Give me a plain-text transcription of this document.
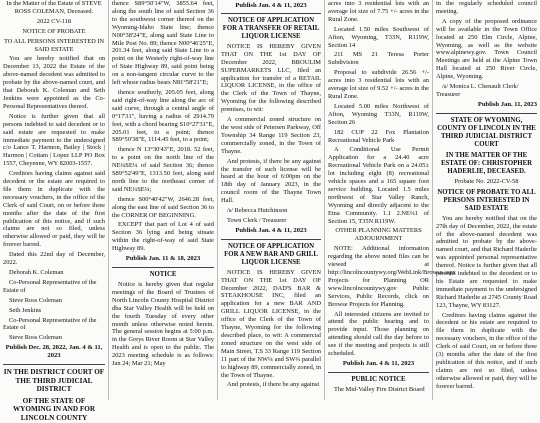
In the Matter of the Estate of STEVE ROSS COLEMAN, Deceased.

2022 CV-118

NOTICE OF PROBATE

TO ALL PERSONS INTERESTED IN SAID ESTATE

You are hereby notified that on December 13, 2022 the Estate of the above-named decedent was admitted to probate by the above-named court, and that Deborah K. Coleman and Seth Jenkins were appointed as the Co-Personal Representatives thereof.

Notice is further given that all persons indebted to said decedent or to said estate are requested to make immediate payment to the undersigned c/o Lance T. Harmon, Bailey | Stock | Harmon | Cottam | Lopez LLP PO Box 1557, Cheyenne, WY 82003-1557.

Creditors having claims against said decedent or the estate are required to file them in duplicate with the necessary vouchers, in the office of the Clerk of said Court, on or before three months after the date of the first publication of this notice, and if such claims are not so filed, unless otherwise allowed or paid, they will be forever barred.

Dated this 22nd day of December, 2022.

Deborah K. Coleman

Co-Personal Representative of the Estate of

Steve Ross Coleman

Seth Jenkins

Co-Personal Representative of the Estate of

Steve Ross Coleman

Publish Dec. 28, 2022, Jan. 4 & 11, 2023
IN THE DISTRICT COURT OF THE THIRD JUDICIAL DISTRICT
OF THE STATE OF WYOMING IN AND FOR LINCOLN COUNTY

thence S89°50'14"W, 3855.64 feet, along the south line of said Section 36 to the southwest corner thereof on the Wyoming-Idaho State line; thence N00°38'24"E, along said State Line to Mile Post No. 89; thence N00°46'25"E, 201.34 feet, along said State Line to a point on the Westerly right-of-way line of State Highway 89, said point being on a non-tangent circular curve to the left whose radius bears N81°58'21"E;

thence southerly, 205.05 feet, along said right-of-way line along the arc of said curve, through a central angle of 0°17'31", having a radius of 2914.79 feet, with a chord bearing S10°27'31"E, 205.01 feet, to a point; thence S89°50'38"E, 1114.45 feet, to a point;

thence N 13°30'43"E, 2018. 52 feet, to a point on the north line of the NE¼SE¼ of said Section 36; thence S89°52'49"E, 1313.50 feet, along said north line to the northeast corner of said NE¼SE¼;

thence S00°40'42"W, 2646.28 feet, along the east line of said Section 36 to the CORNER OF BEGINNING.

EXCEPT that part of Lot 4 of said Section 36 lying and being situate within the right-of-way of said State Highway 89.

Publish Jan. 11 & 18, 2023
NOTICE

Notice is hereby given that regular meetings of the Board of Trustees of North Lincoln County Hospital District dba Star Valley Health will be held on the fourth Tuesday of every other month unless otherwise noted herein. The general session begins at 5:00 p.m. in the Greys River Room at Star Valley Health and is open to the public. The 2023 meeting schedule is as follows: Jan 24; Mar 21; May

Publish Jan. 4 & 11, 2023
NOTICE OF APPLICATION FOR A TRANSFER OF RETAIL LIQUOR LICENSE

NOTICE IS HEREBY GIVEN THAT ON THE 1st DAY OF December 2022, BROULIM SUPERMARKETS LLC, filed an application for transfer of a RETAIL LIQUOR LICENSE, in the office of the Clerk of the Town of Thayne, Wyoming for the following described premises, to wit:

A commercial zoned structure on the west side of Petersen Parkway, Off Township 34 Range 119 Section 23, commercially zoned, in the Town of Thayne.

And protests, if there be any against the transfer of such license will be heard at the hour of 6:00pm on the 18th day of January 2023, in the council room of the Thayne Town Hall.

/s/ Rebecca Hutchinson

Town Clerk / Treasurer

Publish Jan. 4 & 11, 2023
NOTICE OF APPLICATION FOR A NEW BAR AND GRILL LIQUOR LICENSE

NOTICE IS HEREBY GIVEN THAT ON THE 1st DAY OF December 2022, DAD'S BAR & STEAKHOUSE INC, filed an application for a new BAR AND GRILL LIQUOR LICENSE, in the office of the Clerk of the Town of Thayne, Wyoming for the following described place, to wit: A commercial zoned structure on the west side of Main Street, T.S 33 Range 119 Section 11 part of the NW¼ and SW¼ parallel to highway 89, commercially zoned, in the Town of Thayne.

And protests, if there be any against

acres into 3 residential lots with an average lot size of 7.75 +/- acres in the Rural Zone.

Located 1.50 miles Southwest of Afton, Wyoming, T33N, R119W, Section 14

211 MS 21 Teresa Porter Subdivision

Proposal to subdivide 26.56 +/- acres into 3 residential lots with an average lot size of 9.52 +/- acres in the Rural Zone.

Located 5.00 miles Northwest of Afton, Wyoming T33N, R119W, Section 26

182 CUP 22 Fox Plantation Recreational Vehicle Park

A Conditional Use Permit Application for a 24.40 acre Recreational Vehicle Park on a 24.05± lot including eight (8) recreational vehicle spaces and a 165 square foot service building. Located 1.5 miles northwest of Star Valley Ranch, Wyoming and directly adjacent to the Etna Community. 1.1 2.NE¼1 of Section 15, T35N R119W.

OTHER PLANNING MATTERS ADJOURNMENT

NOTE: Additional information regarding the above noted files can be viewed at http://lincolncountywy.org/WebLink/Browse.aspx Projects for Planning OR www.lincolncountywy.gov Public Services, Public Records, click on Browse Projects for Planning.

All interested citizens are invited to attend the public hearing and to provide input. Those planning on attending should call the day before to see if the meeting and projects is still scheduled.

Publish Jan. 4 & 11, 2023
PUBLIC NOTICE

The Mid-Valley Fire District Board

in the regularly scheduled council meeting.

A copy of the proposed ordinance will be available in the Town Office located at 250 Elm Circle, Alpine, Wyoming, as well as the website www.alpinewy.gov. Town Council Meetings are held at the Alpine Town Hall located at 250 River Circle, Alpine, Wyoming.

/s/ Monica L. Chenault Clerk/ Treasurer

Publish Jan. 11, 2023
STATE OF WYOMING, COUNTY OF LINCOLN IN THE THIRD JUDICIAL DISTRICT COURT
IN THE MATTER OF THE ESTATE OF: CHRISTOPHER HADERLIE, DECEASED.

Probate No. 2022-CV-58

NOTICE OF PROBATE TO ALL PERSONS INTERESTED IN SAID ESTATE

You are hereby notified that on the 27th day of December, 2022, the estate of the above-named decedent was admitted to probate by the above-named court, and that Richard Haderlie was appointed personal representative thereof. Notice is further given that all persons indebted to the decedent or to his Estate are requested to make immediate payment to the undersigned Richard Haderlie at 2745 County Road 123, Thayne, WY 83127.

Creditors having claims against the decedent or his estate are required to file them in duplicate with the necessary vouchers, in the office of the Clerk of said Court, on or before three (3) months after the date of the first publication of this notice, and if such claims are not so filed, unless otherwise allowed or paid, they will be forever barred.
